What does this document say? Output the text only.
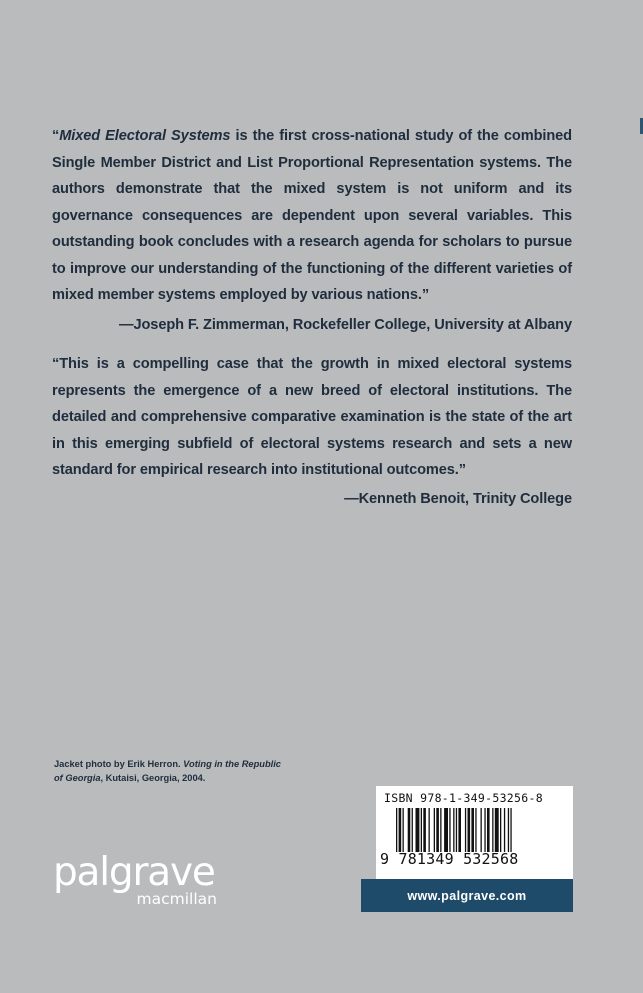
“Mixed Electoral Systems is the first cross-national study of the combined Single Member District and List Proportional Representation systems. The authors demonstrate that the mixed system is not uniform and its governance consequences are dependent upon several variables. This outstanding book concludes with a research agenda for scholars to pursue to improve our understanding of the functioning of the different varieties of mixed member systems employed by various nations.”
—Joseph F. Zimmerman, Rockefeller College, University at Albany
“This is a compelling case that the growth in mixed electoral systems represents the emergence of a new breed of electoral institutions. The detailed and comprehensive comparative examination is the state of the art in this emerging subfield of electoral systems research and sets a new standard for empirical research into institutional outcomes.”
—Kenneth Benoit, Trinity College
Jacket photo by Erik Herron. Voting in the Republic of Georgia, Kutaisi, Georgia, 2004.
palgrave
macmillan
ISBN 978-1-349-53256-8
9 781349 532568
www.palgrave.com
